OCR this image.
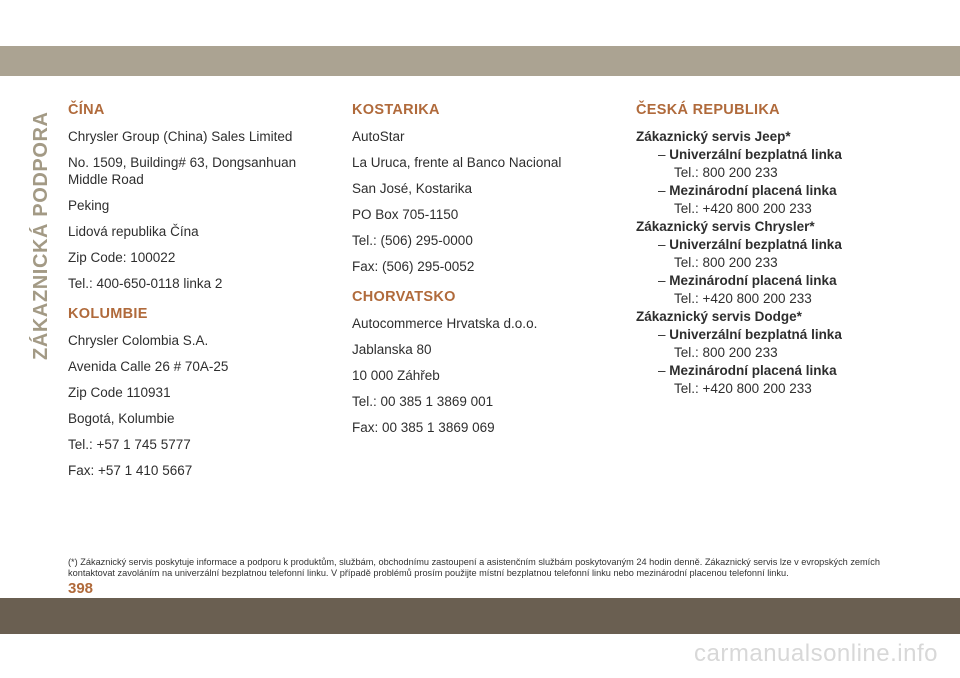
ZÁKAZNICKÁ PODPORA
ČÍNA
Chrysler Group (China) Sales Limited
No. 1509, Building# 63, Dongsanhuan Middle Road
Peking
Lidová republika Čína
Zip Code: 100022
Tel.: 400-650-0118 linka 2
KOLUMBIE
Chrysler Colombia S.A.
Avenida Calle 26 # 70A-25
Zip Code 110931
Bogotá, Kolumbie
Tel.: +57 1 745 5777
Fax: +57 1 410 5667
KOSTARIKA
AutoStar
La Uruca, frente al Banco Nacional
San José, Kostarika
PO Box 705-1150
Tel.: (506) 295-0000
Fax: (506) 295-0052
CHORVATSKO
Autocommerce Hrvatska d.o.o.
Jablanska 80
10 000 Záhřeb
Tel.: 00 385 1 3869 001
Fax: 00 385 1 3869 069
ČESKÁ REPUBLIKA
Zákaznický servis Jeep*
– Univerzální bezplatná linka
Tel.: 800 200 233
– Mezinárodní placená linka
Tel.: +420 800 200 233
Zákaznický servis Chrysler*
– Univerzální bezplatná linka
Tel.: 800 200 233
– Mezinárodní placená linka
Tel.: +420 800 200 233
Zákaznický servis Dodge*
– Univerzální bezplatná linka
Tel.: 800 200 233
– Mezinárodní placená linka
Tel.: +420 800 200 233
(*) Zákaznický servis poskytuje informace a podporu k produktům, službám, obchodnímu zastoupení a asistenčním službám poskytovaným 24 hodin denně. Zákaznický servis lze v evropských zemích kontaktovat zavoláním na univerzální bezplatnou telefonní linku. V případě problémů prosím použijte místní bezplatnou telefonní linku nebo mezinárodní placenou telefonní linku.
398
carmanualsonline.info
